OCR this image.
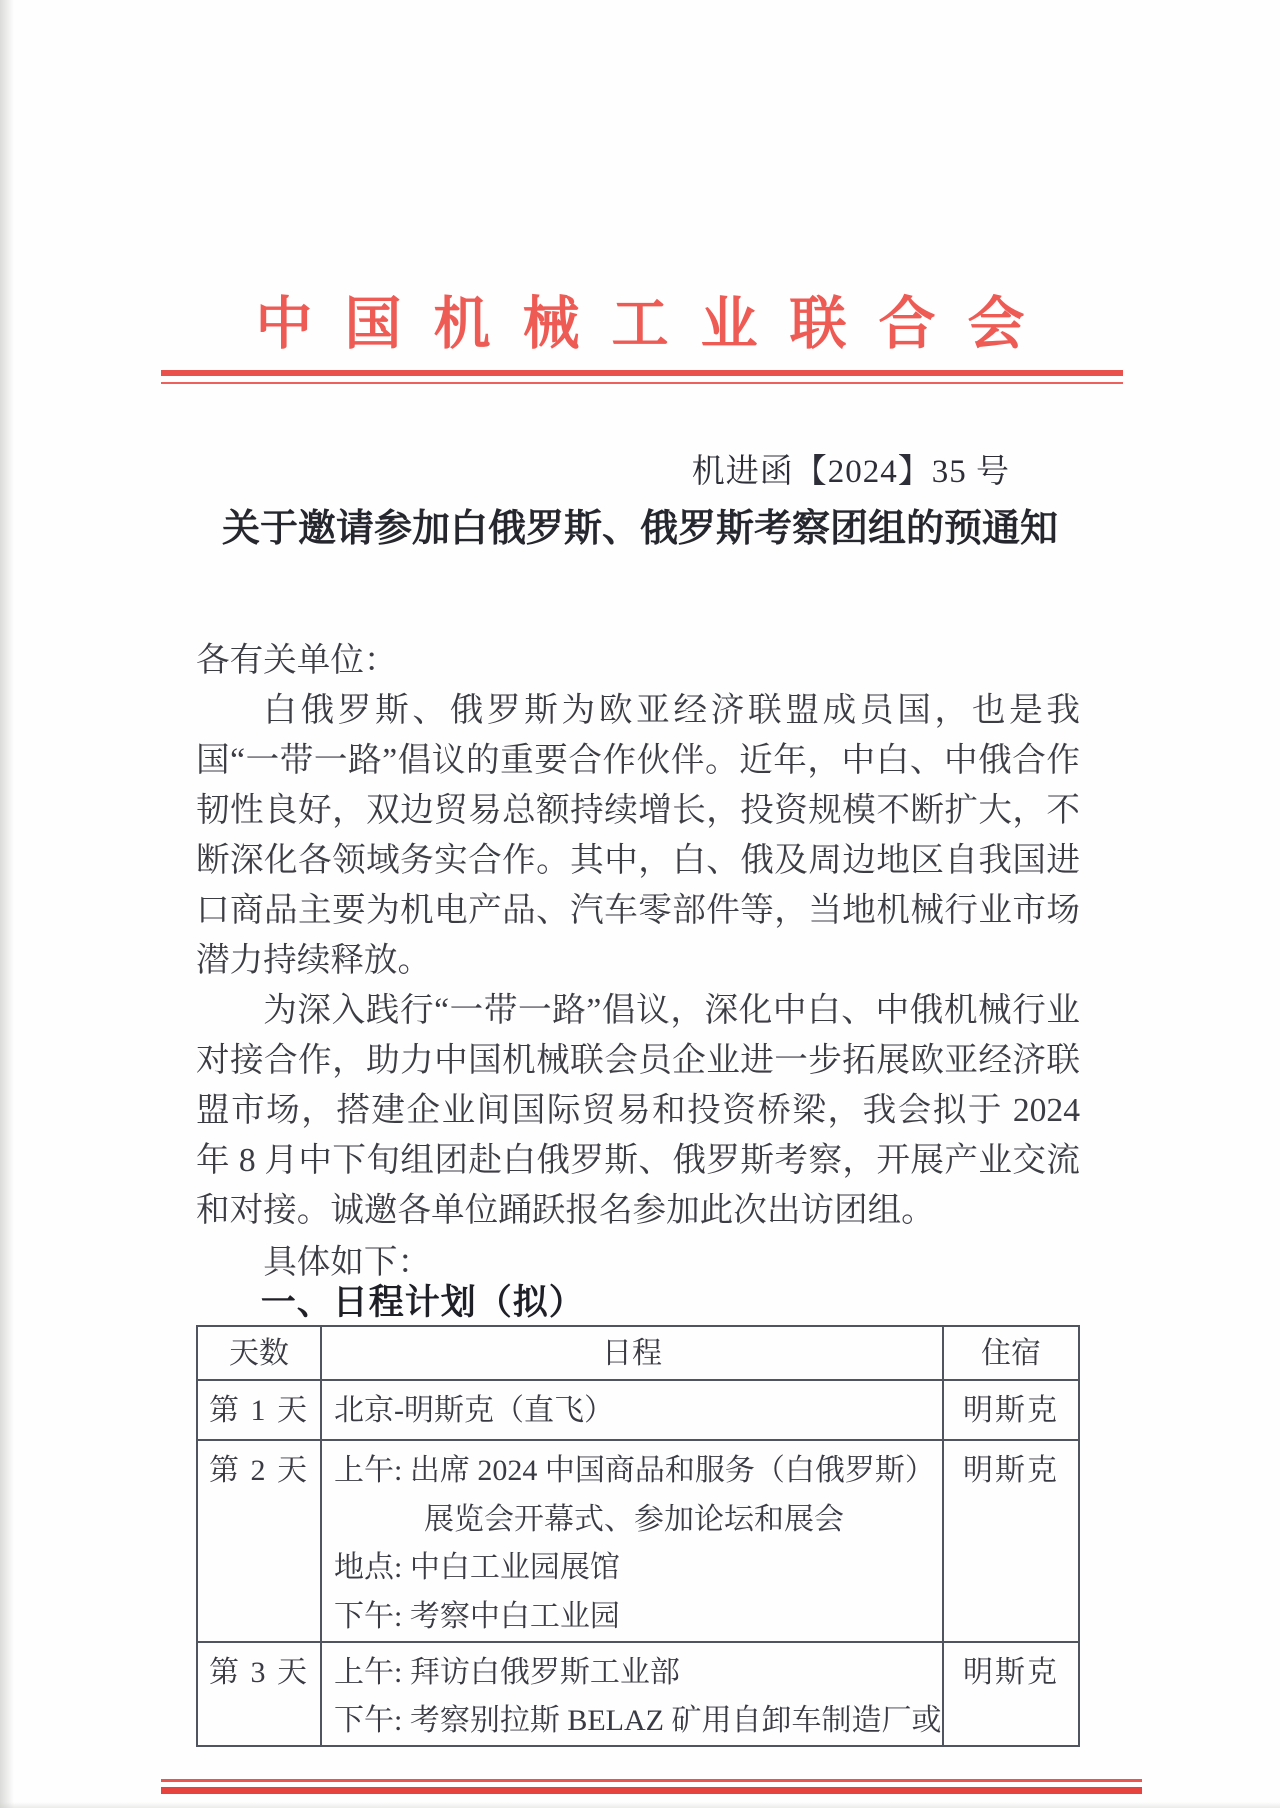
中国机械工业联合会
机进函【2024】35 号
关于邀请参加白俄罗斯、俄罗斯考察团组的预通知

各有关单位：

白俄罗斯、俄罗斯为欧亚经济联盟成员国，也是我国“一带一路”倡议的重要合作伙伴。近年，中白、中俄合作韧性良好，双边贸易总额持续增长，投资规模不断扩大，不断深化各领域务实合作。其中，白、俄及周边地区自我国进口商品主要为机电产品、汽车零部件等，当地机械行业市场潜力持续释放。

为深入践行“一带一路”倡议，深化中白、中俄机械行业对接合作，助力中国机械联会员企业进一步拓展欧亚经济联盟市场，搭建企业间国际贸易和投资桥梁，我会拟于 2024 年 8 月中下旬组团赴白俄罗斯、俄罗斯考察，开展产业交流和对接。诚邀各单位踊跃报名参加此次出访团组。

具体如下：

一、日程计划（拟）
天数	日程	住宿
第 1 天	北京-明斯克（直飞）	明斯克
第 2 天	上午: 出席 2024 中国商品和服务（白俄罗斯）
展览会开幕式、参加论坛和展会
地点: 中白工业园展馆
下午: 考察中白工业园	明斯克
第 3 天	上午: 拜访白俄罗斯工业部
下午: 考察别拉斯 BELAZ 矿用自卸车制造厂或	明斯克
